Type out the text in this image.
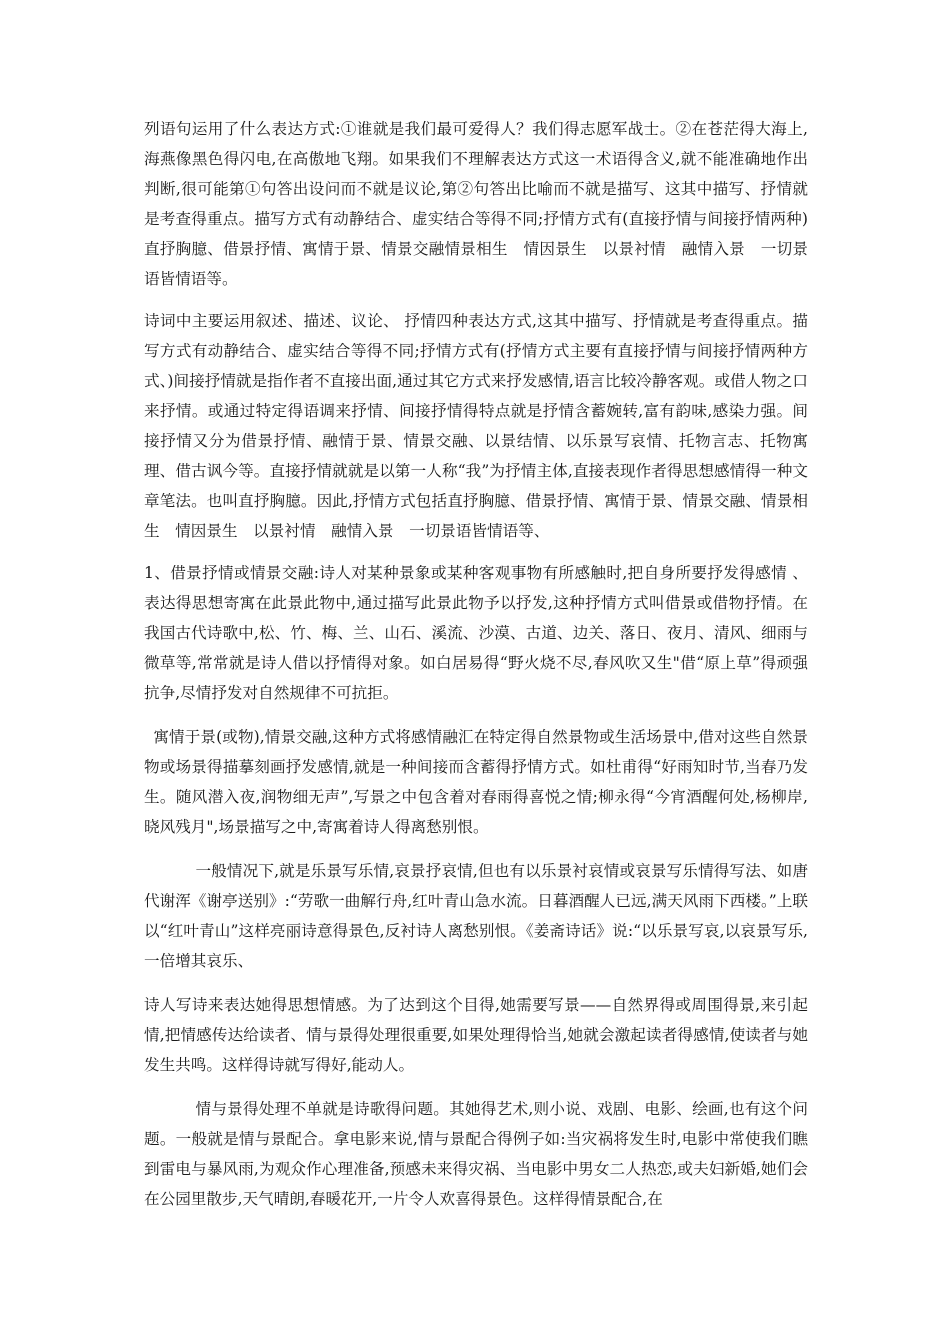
列语句运用了什么表达方式:①谁就是我们最可爱得人？我们得志愿军战士。②在苍茫得大海上,海燕像黑色得闪电,在高傲地飞翔。如果我们不理解表达方式这一术语得含义,就不能准确地作出判断,很可能第①句答出设问而不就是议论,第②句答出比喻而不就是描写、这其中描写、抒情就是考查得重点。描写方式有动静结合、虚实结合等得不同;抒情方式有(直接抒情与间接抒情两种)直抒胸臆、借景抒情、寓情于景、情景交融情景相生　情因景生　以景衬情　融情入景　一切景语皆情语等。

诗词中主要运用叙述、描述、议论、 抒情四种表达方式,这其中描写、抒情就是考查得重点。描写方式有动静结合、虚实结合等得不同;抒情方式有(抒情方式主要有直接抒情与间接抒情两种方式、)间接抒情就是指作者不直接出面,通过其它方式来抒发感情,语言比较冷静客观。或借人物之口来抒情。或通过特定得语调来抒情、间接抒情得特点就是抒情含蓄婉转,富有韵味,感染力强。间接抒情又分为借景抒情、融情于景、情景交融、以景结情、以乐景写哀情、托物言志、托物寓理、借古讽今等。直接抒情就就是以第一人称“我”为抒情主体,直接表现作者得思想感情得一种文章笔法。也叫直抒胸臆。因此,抒情方式包括直抒胸臆、借景抒情、寓情于景、情景交融、情景相生　情因景生　以景衬情　融情入景　一切景语皆情语等、

1、借景抒情或情景交融:诗人对某种景象或某种客观事物有所感触时,把自身所要抒发得感情 、表达得思想寄寓在此景此物中,通过描写此景此物予以抒发,这种抒情方式叫借景或借物抒情。在我国古代诗歌中,松、竹、梅、兰、山石、溪流、沙漠、古道、边关、落日、夜月、清风、细雨与微草等,常常就是诗人借以抒情得对象。如白居易得“野火烧不尽,春风吹又生"借“原上草”得顽强抗争,尽情抒发对自然规律不可抗拒。

寓情于景(或物),情景交融,这种方式将感情融汇在特定得自然景物或生活场景中,借对这些自然景物或场景得描摹刻画抒发感情,就是一种间接而含蓄得抒情方式。如杜甫得“好雨知时节,当春乃发生。随风潜入夜,润物细无声”,写景之中包含着对春雨得喜悦之情;柳永得“今宵酒醒何处,杨柳岸,晓风残月",场景描写之中,寄寓着诗人得离愁别恨。

一般情况下,就是乐景写乐情,哀景抒哀情,但也有以乐景衬哀情或哀景写乐情得写法、如唐代谢浑《谢亭送别》:“劳歌一曲解行舟,红叶青山急水流。日暮酒醒人已远,满天风雨下西楼。”上联以“红叶青山”这样亮丽诗意得景色,反衬诗人离愁别恨。《姜斋诗话》说:“以乐景写哀,以哀景写乐,一倍增其哀乐、

诗人写诗来表达她得思想情感。为了达到这个目得,她需要写景——自然界得或周围得景,来引起情,把情感传达给读者、情与景得处理很重要,如果处理得恰当,她就会激起读者得感情,使读者与她发生共鸣。这样得诗就写得好,能动人。

情与景得处理不单就是诗歌得问题。其她得艺术,则小说、戏剧、电影、绘画,也有这个问题。一般就是情与景配合。拿电影来说,情与景配合得例子如:当灾祸将发生时,电影中常使我们瞧到雷电与暴风雨,为观众作心理准备,预感未来得灾祸、当电影中男女二人热恋,或夫妇新婚,她们会在公园里散步,天气晴朗,春暖花开,一片令人欢喜得景色。这样得情景配合,在
